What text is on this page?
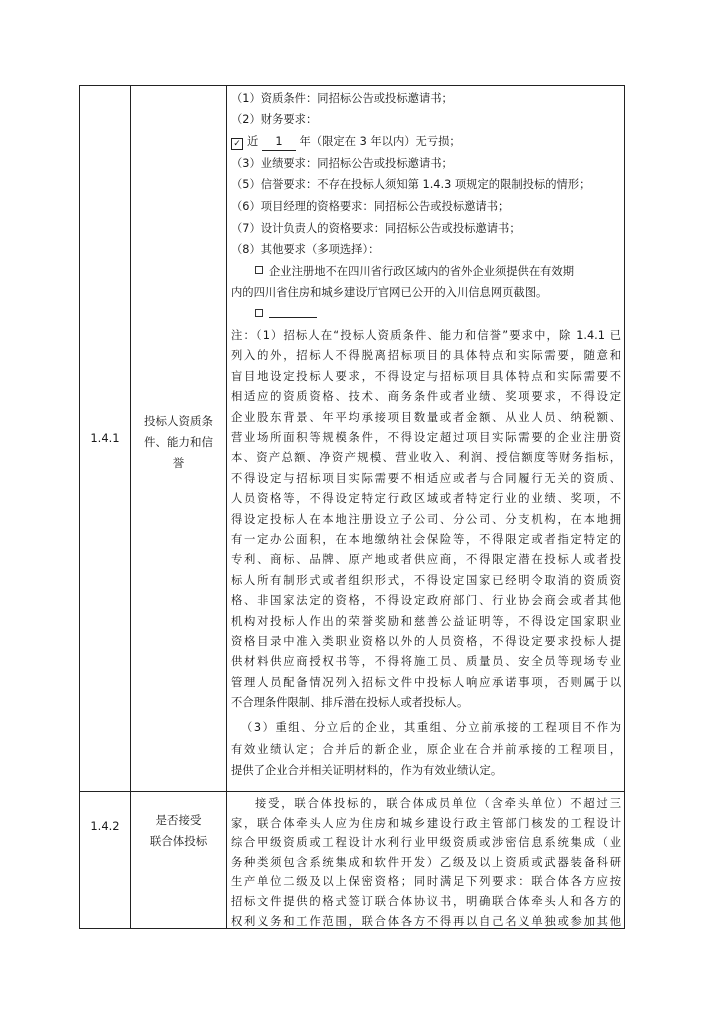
1.4.1
投标人资质条
件、能力和信
誉
（1）资质条件：同招标公告或投标邀请书；
（2）财务要求：
✓ 近 1 年（限定在 3 年以内）无亏损；
（3）业绩要求：同招标公告或投标邀请书；
（5）信誉要求：不存在投标人须知第 1.4.3 项规定的限制投标的情形；
（6）项目经理的资格要求：同招标公告或投标邀请书；
（7）设计负责人的资格要求：同招标公告或投标邀请书；
（8）其他要求（多项选择）：
企业注册地不在四川省行政区域内的省外企业须提供在有效期
内的四川省住房和城乡建设厅官网已公开的入川信息网页截图。
注：（1）招标人在“投标人资质条件、能力和信誉”要求中，除 1.4.1 已
列入的外，招标人不得脱离招标项目的具体特点和实际需要，随意和
盲目地设定投标人要求，不得设定与招标项目具体特点和实际需要不
相适应的资质资格、技术、商务条件或者业绩、奖项要求，不得设定
企业股东背景、年平均承接项目数量或者金额、从业人员、纳税额、
营业场所面积等规模条件，不得设定超过项目实际需要的企业注册资
本、资产总额、净资产规模、营业收入、利润、授信额度等财务指标，
不得设定与招标项目实际需要不相适应或者与合同履行无关的资质、
人员资格等，不得设定特定行政区域或者特定行业的业绩、奖项，不
得设定投标人在本地注册设立子公司、分公司、分支机构，在本地拥
有一定办公面积，在本地缴纳社会保险等，不得限定或者指定特定的
专利、商标、品牌、原产地或者供应商，不得限定潜在投标人或者投
标人所有制形式或者组织形式，不得设定国家已经明令取消的资质资
格、非国家法定的资格，不得设定政府部门、行业协会商会或者其他
机构对投标人作出的荣誉奖励和慈善公益证明等，不得设定国家职业
资格目录中准入类职业资格以外的人员资格，不得设定要求投标人提
供材料供应商授权书等，不得将施工员、质量员、安全员等现场专业
管理人员配备情况列入招标文件中投标人响应承诺事项，否则属于以
不合理条件限制、排斥潜在投标人或者投标人。
（3）重组、分立后的企业，其重组、分立前承接的工程项目不作为
有效业绩认定；合并后的新企业，原企业在合并前承接的工程项目，
提供了企业合并相关证明材料的，作为有效业绩认定。
1.4.2	是否接受
联合体投标
接受，联合体投标的，联合体成员单位（含牵头单位）不超过三
家，联合体牵头人应为住房和城乡建设行政主管部门核发的工程设计
综合甲级资质或工程设计水利行业甲级资质或涉密信息系统集成（业
务种类须包含系统集成和软件开发）乙级及以上资质或武器装备科研
生产单位二级及以上保密资格；同时满足下列要求：联合体各方应按
招标文件提供的格式签订联合体协议书，明确联合体牵头人和各方的
权利义务和工作范围，联合体各方不得再以自己名义单独或参加其他
